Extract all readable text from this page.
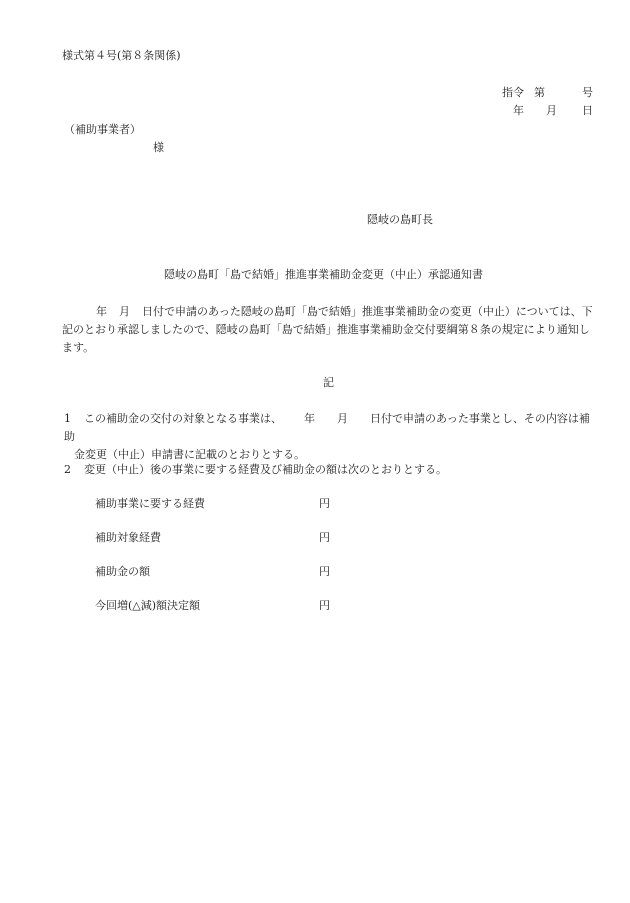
様式第４号(第８条関係)
指令 第	号
年 月 日
（補助事業者）
様
隠岐の島町長
隠岐の島町「島で結婚」推進事業補助金変更（中止）承認通知書
年 月 日付で申請のあった隠岐の島町「島で結婚」推進事業補助金の変更（中止）については、下記のとおり承認しましたので、隠岐の島町「島で結婚」推進事業補助金交付要綱第８条の規定により通知します。
記
1 この補助金の交付の対象となる事業は、 年 月 日付で申請のあった事業とし、その内容は補助
金変更（中止）申請書に記載のとおりとする。
2 変更（中止）後の事業に要する経費及び補助金の額は次のとおりとする。
補助事業に要する経費	円
補助対象経費	円
補助金の額	円
今回増(△減)額決定額	円
